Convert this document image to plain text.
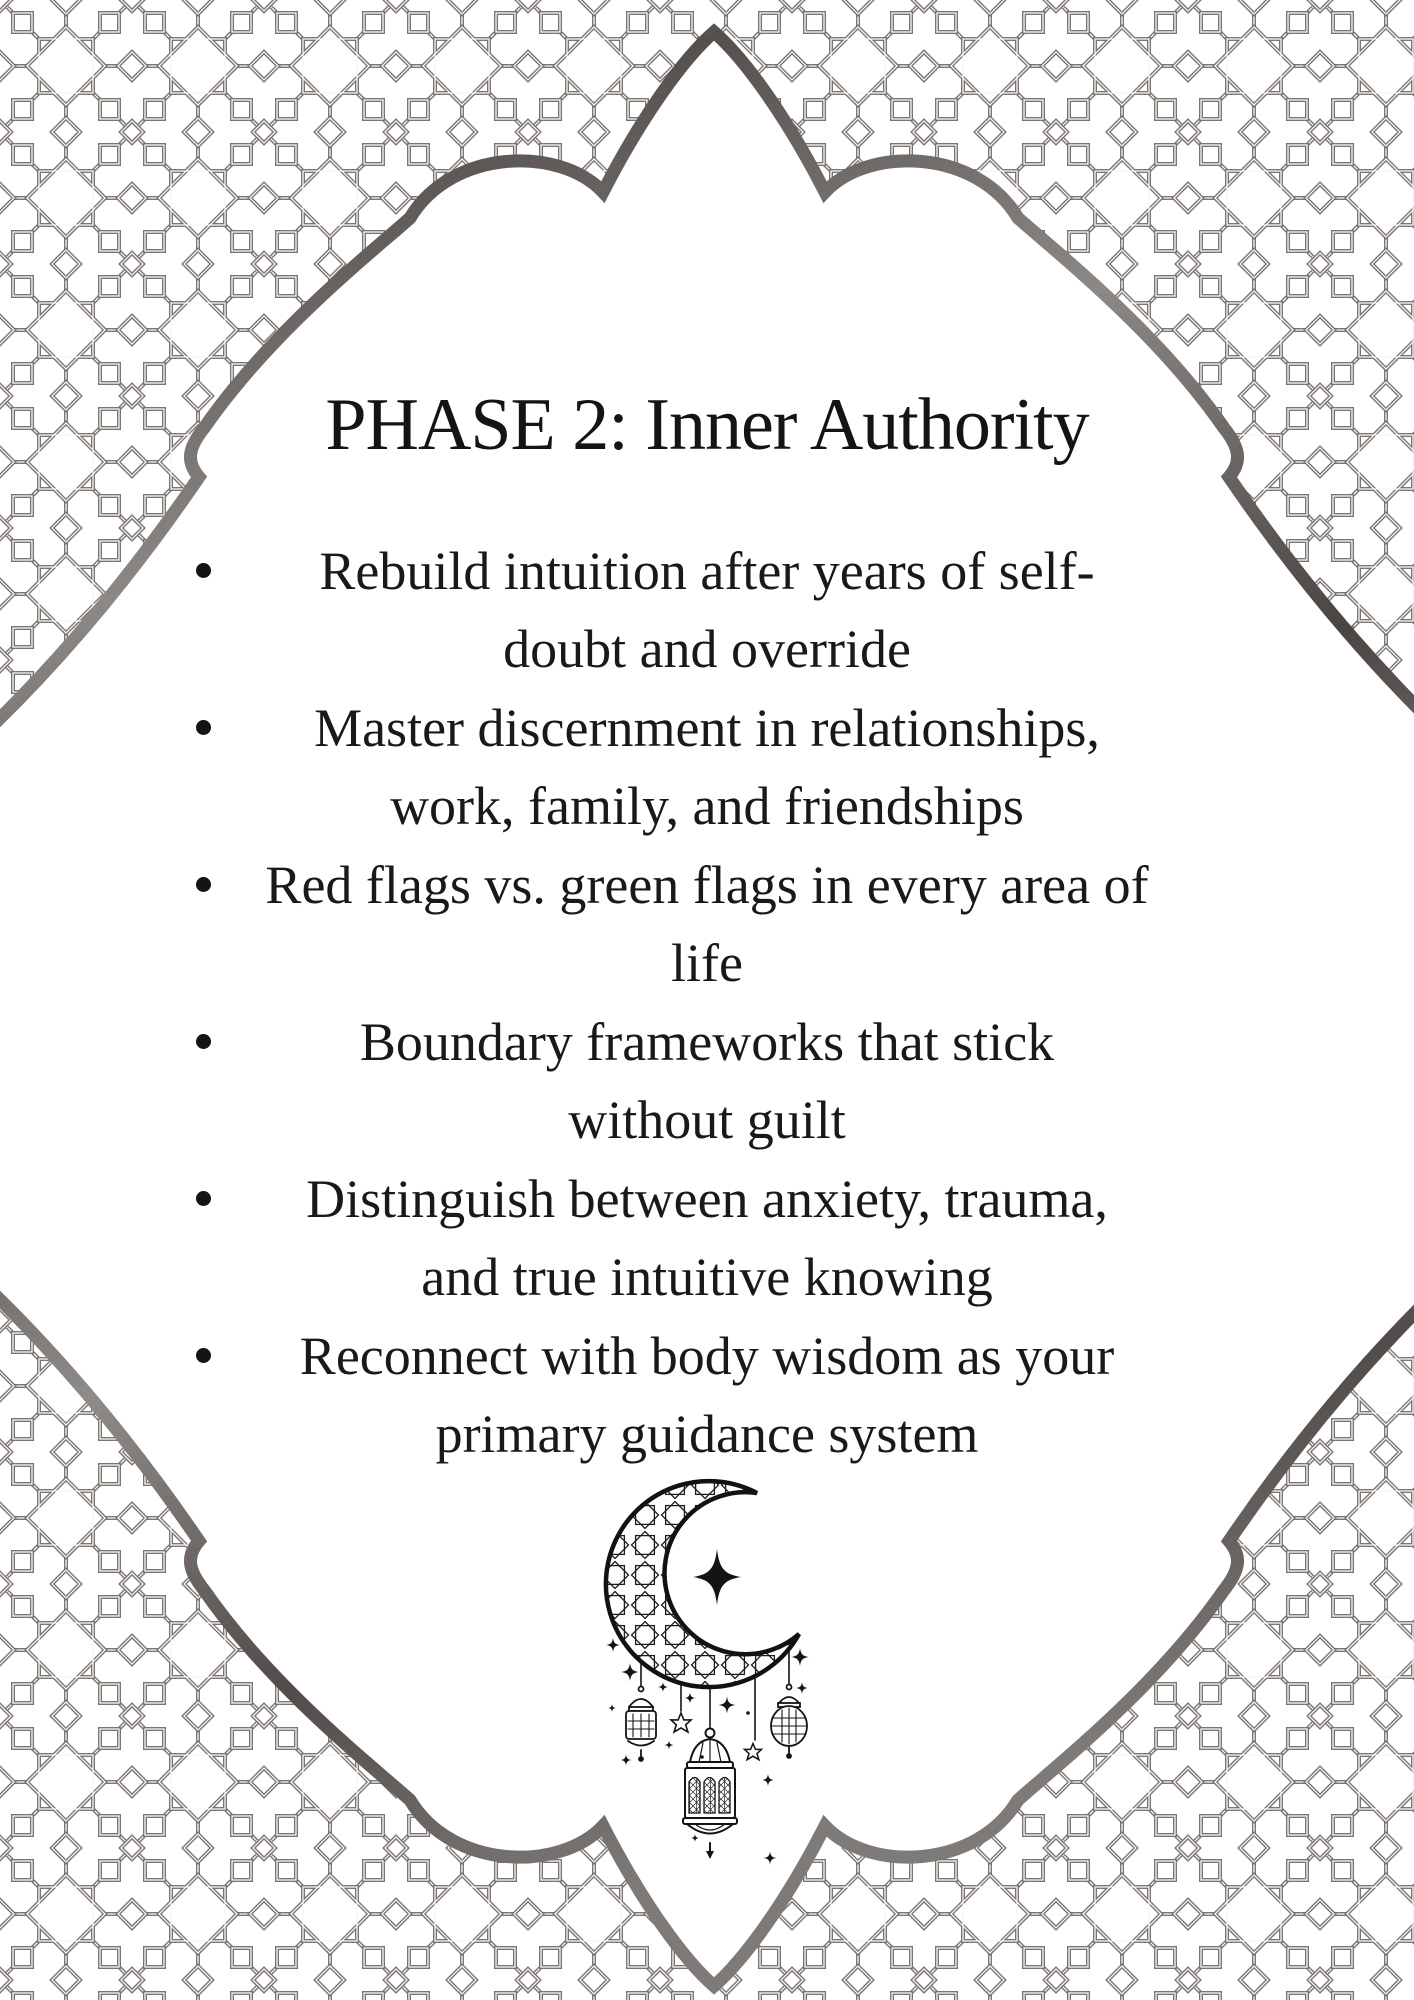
PHASE 2: Inner Authority
Rebuild intuition after years of self-
doubt and override
Master discernment in relationships,
work, family, and friendships
Red flags vs. green flags in every area of
life
Boundary frameworks that stick
without guilt
Distinguish between anxiety, trauma,
and true intuitive knowing
Reconnect with body wisdom as your
primary guidance system
